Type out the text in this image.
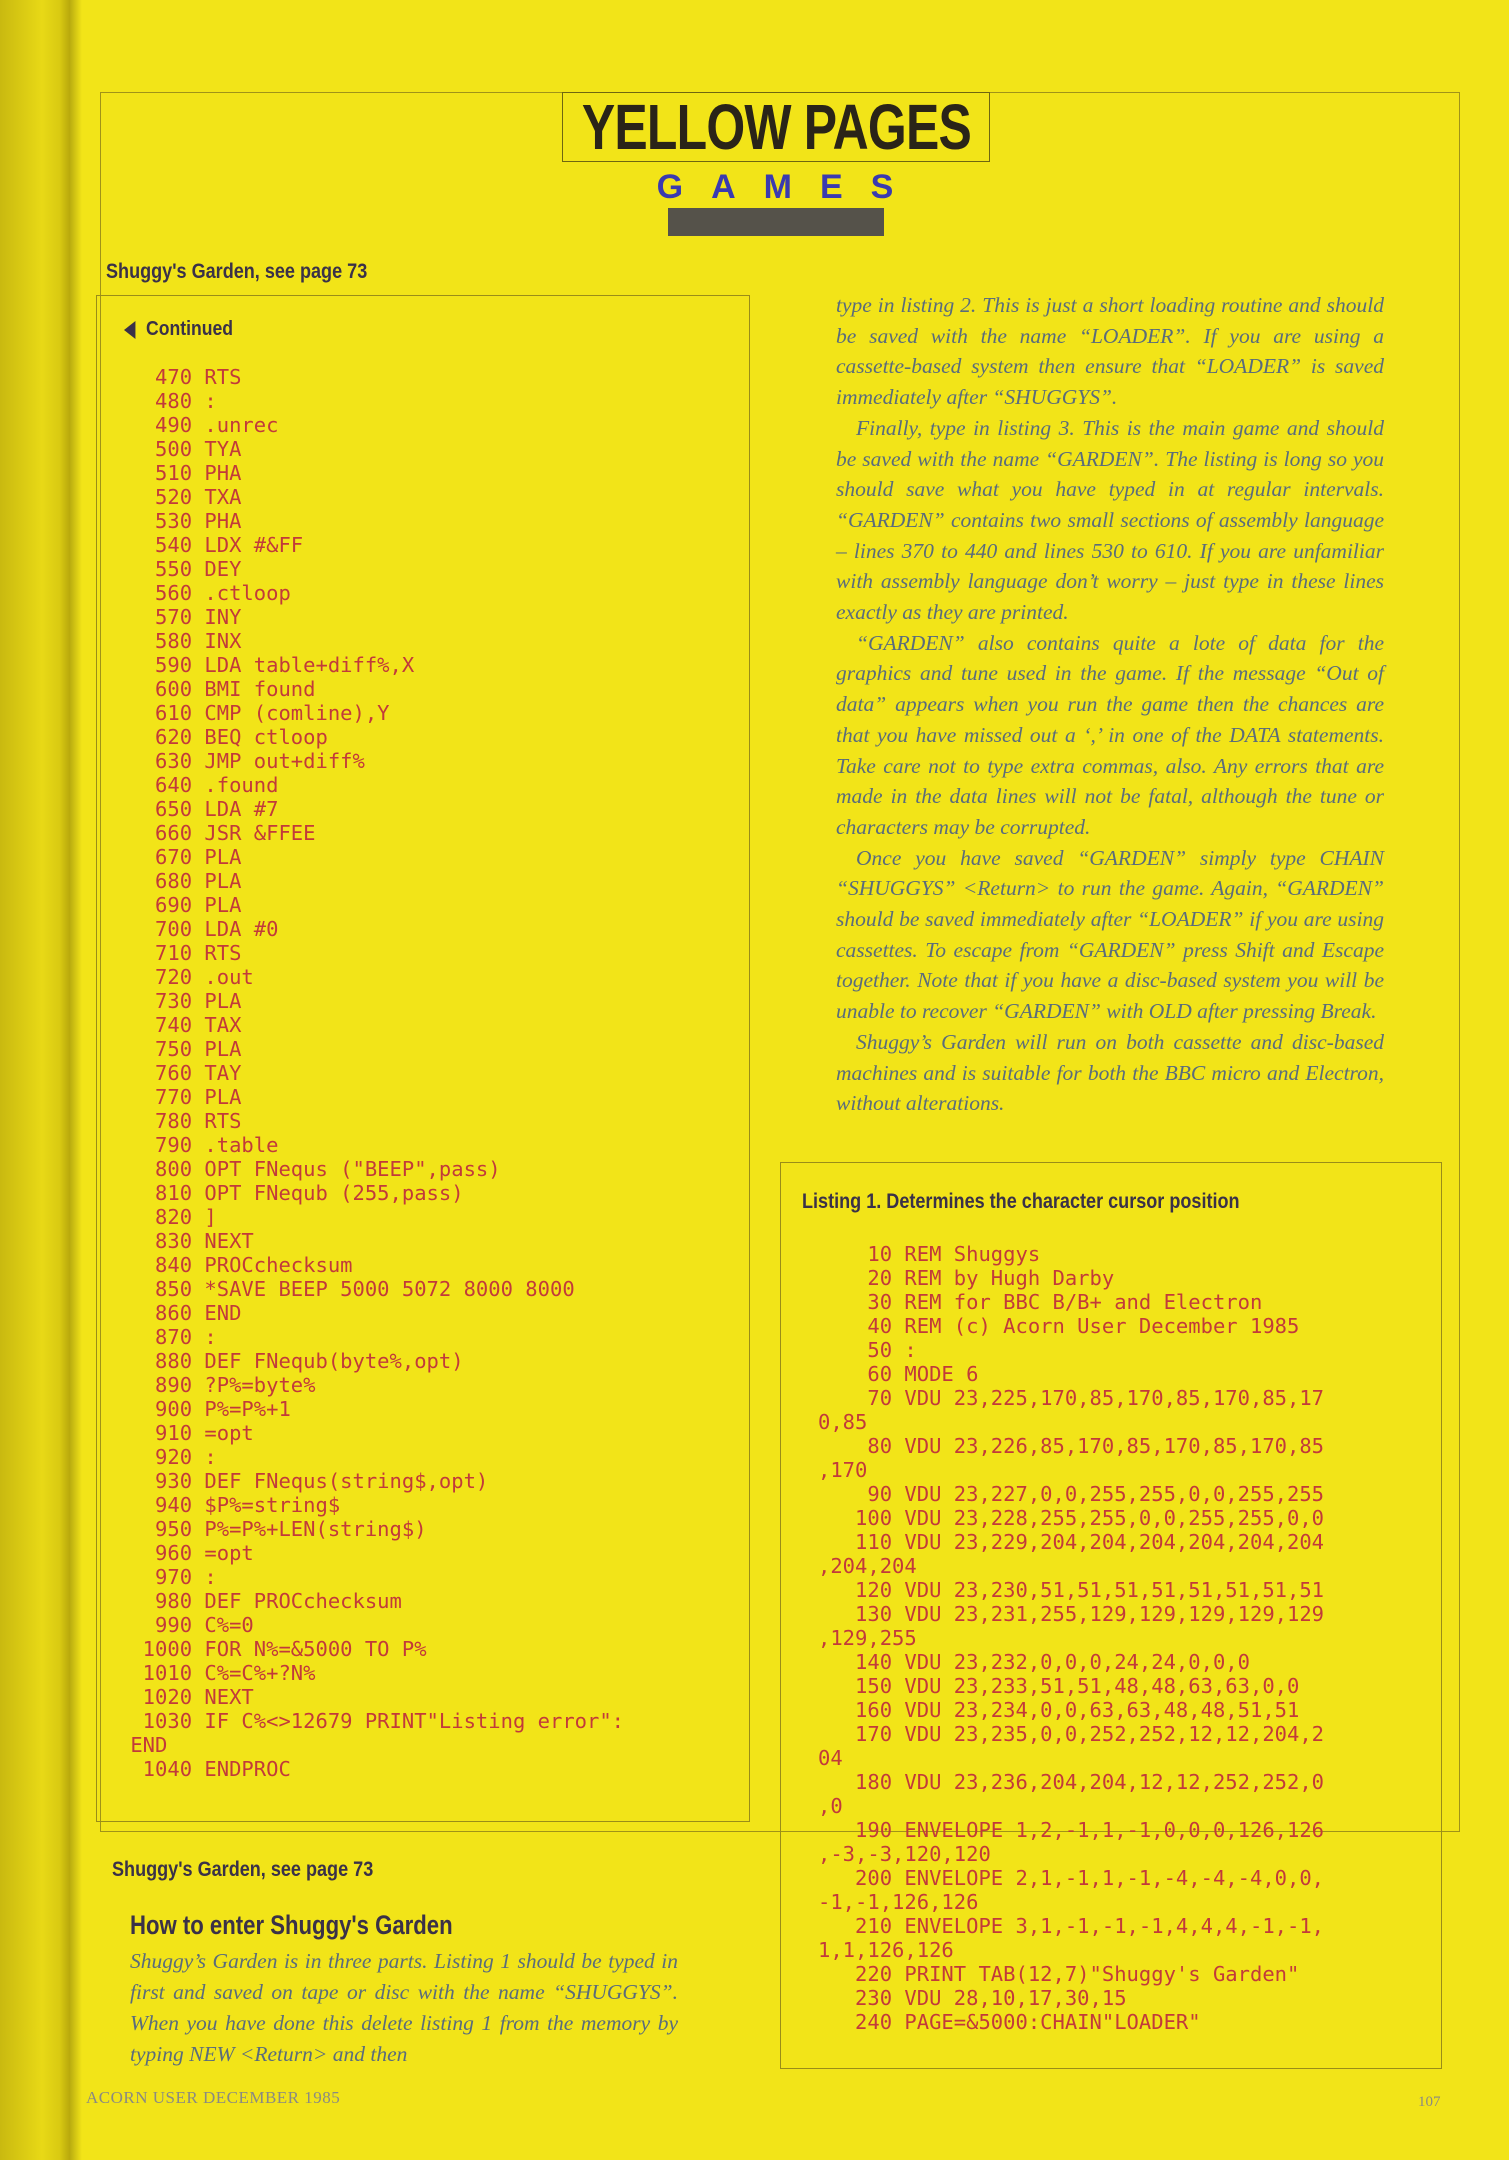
YELLOW PAGES
GAMES
Shuggy's Garden, see page 73
Continued
470 RTS
480 :
490 .unrec
500 TYA
510 PHA
520 TXA
530 PHA
540 LDX #&FF
550 DEY
560 .ctloop
570 INY
580 INX
590 LDA table+diff%,X
600 BMI found
610 CMP (comline),Y
620 BEQ ctloop
630 JMP out+diff%
640 .found
650 LDA #7
660 JSR &FFEE
670 PLA
680 PLA
690 PLA
700 LDA #0
710 RTS
720 .out
730 PLA
740 TAX
750 PLA
760 TAY
770 PLA
780 RTS
790 .table
800 OPT FNequs ("BEEP",pass)
810 OPT FNequb (255,pass)
820 ]
830 NEXT
840 PROCchecksum
850 *SAVE BEEP 5000 5072 8000 8000
860 END
870 :
880 DEF FNequb(byte%,opt)
890 ?P%=byte%
900 P%=P%+1
910 =opt
920 :
930 DEF FNequs(string$,opt)
940 $P%=string$
950 P%=P%+LEN(string$)
960 =opt
970 :
980 DEF PROCchecksum
990 C%=0
1000 FOR N%=&5000 TO P%
1010 C%=C%+?N%
1020 NEXT
1030 IF C%<>12679 PRINT"Listing error":
END
1040 ENDPROC

type in listing 2. This is just a short loading routine and should be saved with the name “LOADER”. If you are using a cassette-based system then ensure that “LOADER” is saved immediately after “SHUGGYS”.

Finally, type in listing 3. This is the main game and should be saved with the name “GARDEN”. The listing is long so you should save what you have typed in at regular intervals. “GARDEN” contains two small sections of assembly language – lines 370 to 440 and lines 530 to 610. If you are unfamiliar with assembly language don’t worry – just type in these lines exactly as they are printed.

“GARDEN” also contains quite a lote of data for the graphics and tune used in the game. If the message “Out of data” appears when you run the game then the chances are that you have missed out a ‘,’ in one of the DATA statements. Take care not to type extra commas, also. Any errors that are made in the data lines will not be fatal, although the tune or characters may be corrupted.

Once you have saved “GARDEN” simply type CHAIN “SHUGGYS” <Return> to run the game. Again, “GARDEN” should be saved immediately after “LOADER” if you are using cassettes. To escape from “GARDEN” press Shift and Escape together. Note that if you have a disc-based system you will be unable to recover “GARDEN” with OLD after pressing Break.

Shuggy’s Garden will run on both cassette and disc-based machines and is suitable for both the BBC micro and Electron, without alterations.

Listing 1. Determines the character cursor position
10 REM Shuggys
20 REM by Hugh Darby
30 REM for BBC B/B+ and Electron
40 REM (c) Acorn User December 1985
50 :
60 MODE 6
70 VDU 23,225,170,85,170,85,170,85,17
0,85
80 VDU 23,226,85,170,85,170,85,170,85
,170
90 VDU 23,227,0,0,255,255,0,0,255,255
100 VDU 23,228,255,255,0,0,255,255,0,0
110 VDU 23,229,204,204,204,204,204,204
,204,204
120 VDU 23,230,51,51,51,51,51,51,51,51
130 VDU 23,231,255,129,129,129,129,129
,129,255
140 VDU 23,232,0,0,0,24,24,0,0,0
150 VDU 23,233,51,51,48,48,63,63,0,0
160 VDU 23,234,0,0,63,63,48,48,51,51
170 VDU 23,235,0,0,252,252,12,12,204,2
04
180 VDU 23,236,204,204,12,12,252,252,0
,0
190 ENVELOPE 1,2,-1,1,-1,0,0,0,126,126
,-3,-3,120,120
200 ENVELOPE 2,1,-1,1,-1,-4,-4,-4,0,0,
-1,-1,126,126
210 ENVELOPE 3,1,-1,-1,-1,4,4,4,-1,-1,
1,1,126,126
220 PRINT TAB(12,7)"Shuggy's Garden"
230 VDU 28,10,17,30,15
240 PAGE=&5000:CHAIN"LOADER"
Shuggy's Garden, see page 73
How to enter Shuggy's Garden

Shuggy’s Garden is in three parts. Listing 1 should be typed in first and saved on tape or disc with the name “SHUGGYS”. When you have done this delete listing 1 from the memory by typing NEW <Return> and then

ACORN USER DECEMBER 1985	107
